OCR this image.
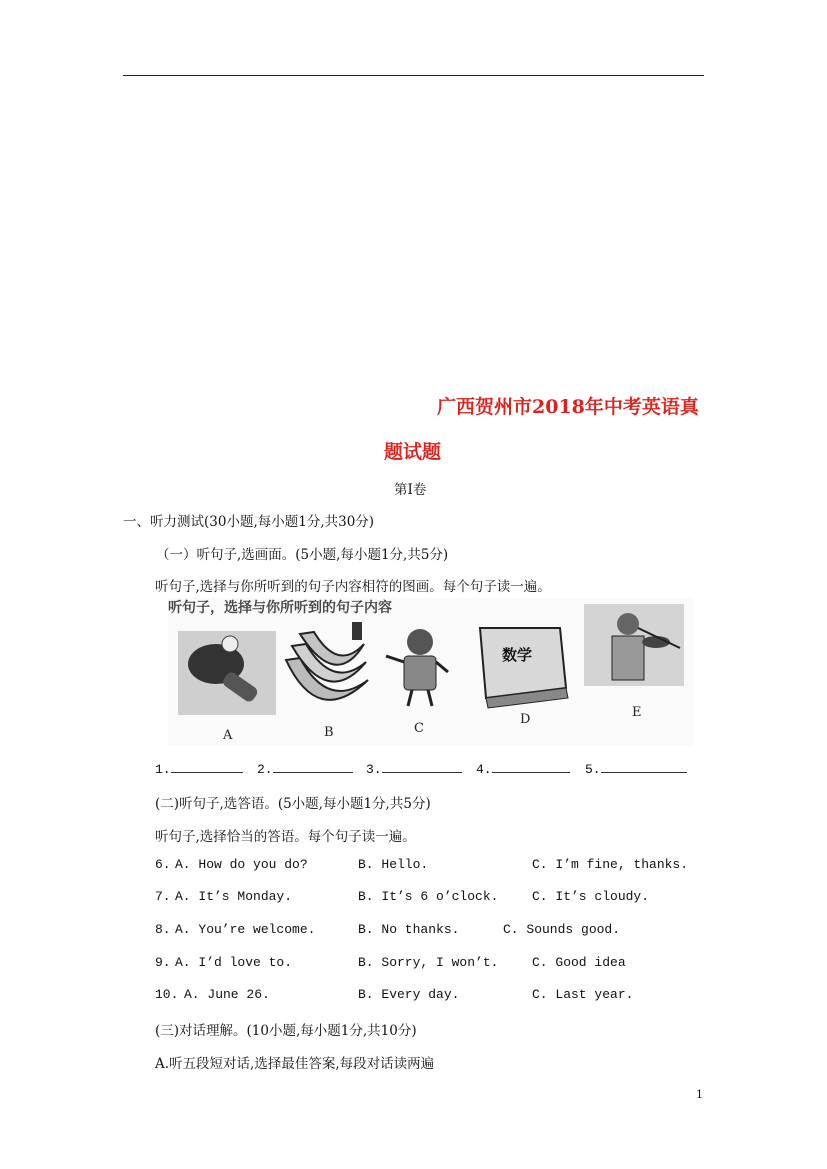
广西贺州市2018年中考英语真
题试题
第I卷
一、听力测试(30小题,每小题1分,共30分)
（一）听句子,选画面。(5小题,每小题1分,共5分)
听句子,选择与你所听到的句子内容相符的图画。每个句子读一遍。
听句子，选择与你所听到的句子内容
数学
A	B	C
D	E
1.	2.	3.	4.	5.
(二)听句子,选答语。(5小题,每小题1分,共5分)
听句子,选择恰当的答语。每个句子读一遍。
6. A. How do you do?	B. Hello.	C. I’m fine, thanks.
7. A. It’s Monday.	B. It’s 6 o’clock.	C. It’s cloudy.
8. A. You’re welcome.	B. No thanks.	C. Sounds good.
9. A. I’d love to.	B. Sorry, I won’t.	C. Good idea
10. A. June 26.	B. Every day.	C. Last year.
(三)对话理解。(10小题,每小题1分,共10分)
A.听五段短对话,选择最佳答案,每段对话读两遍
1
